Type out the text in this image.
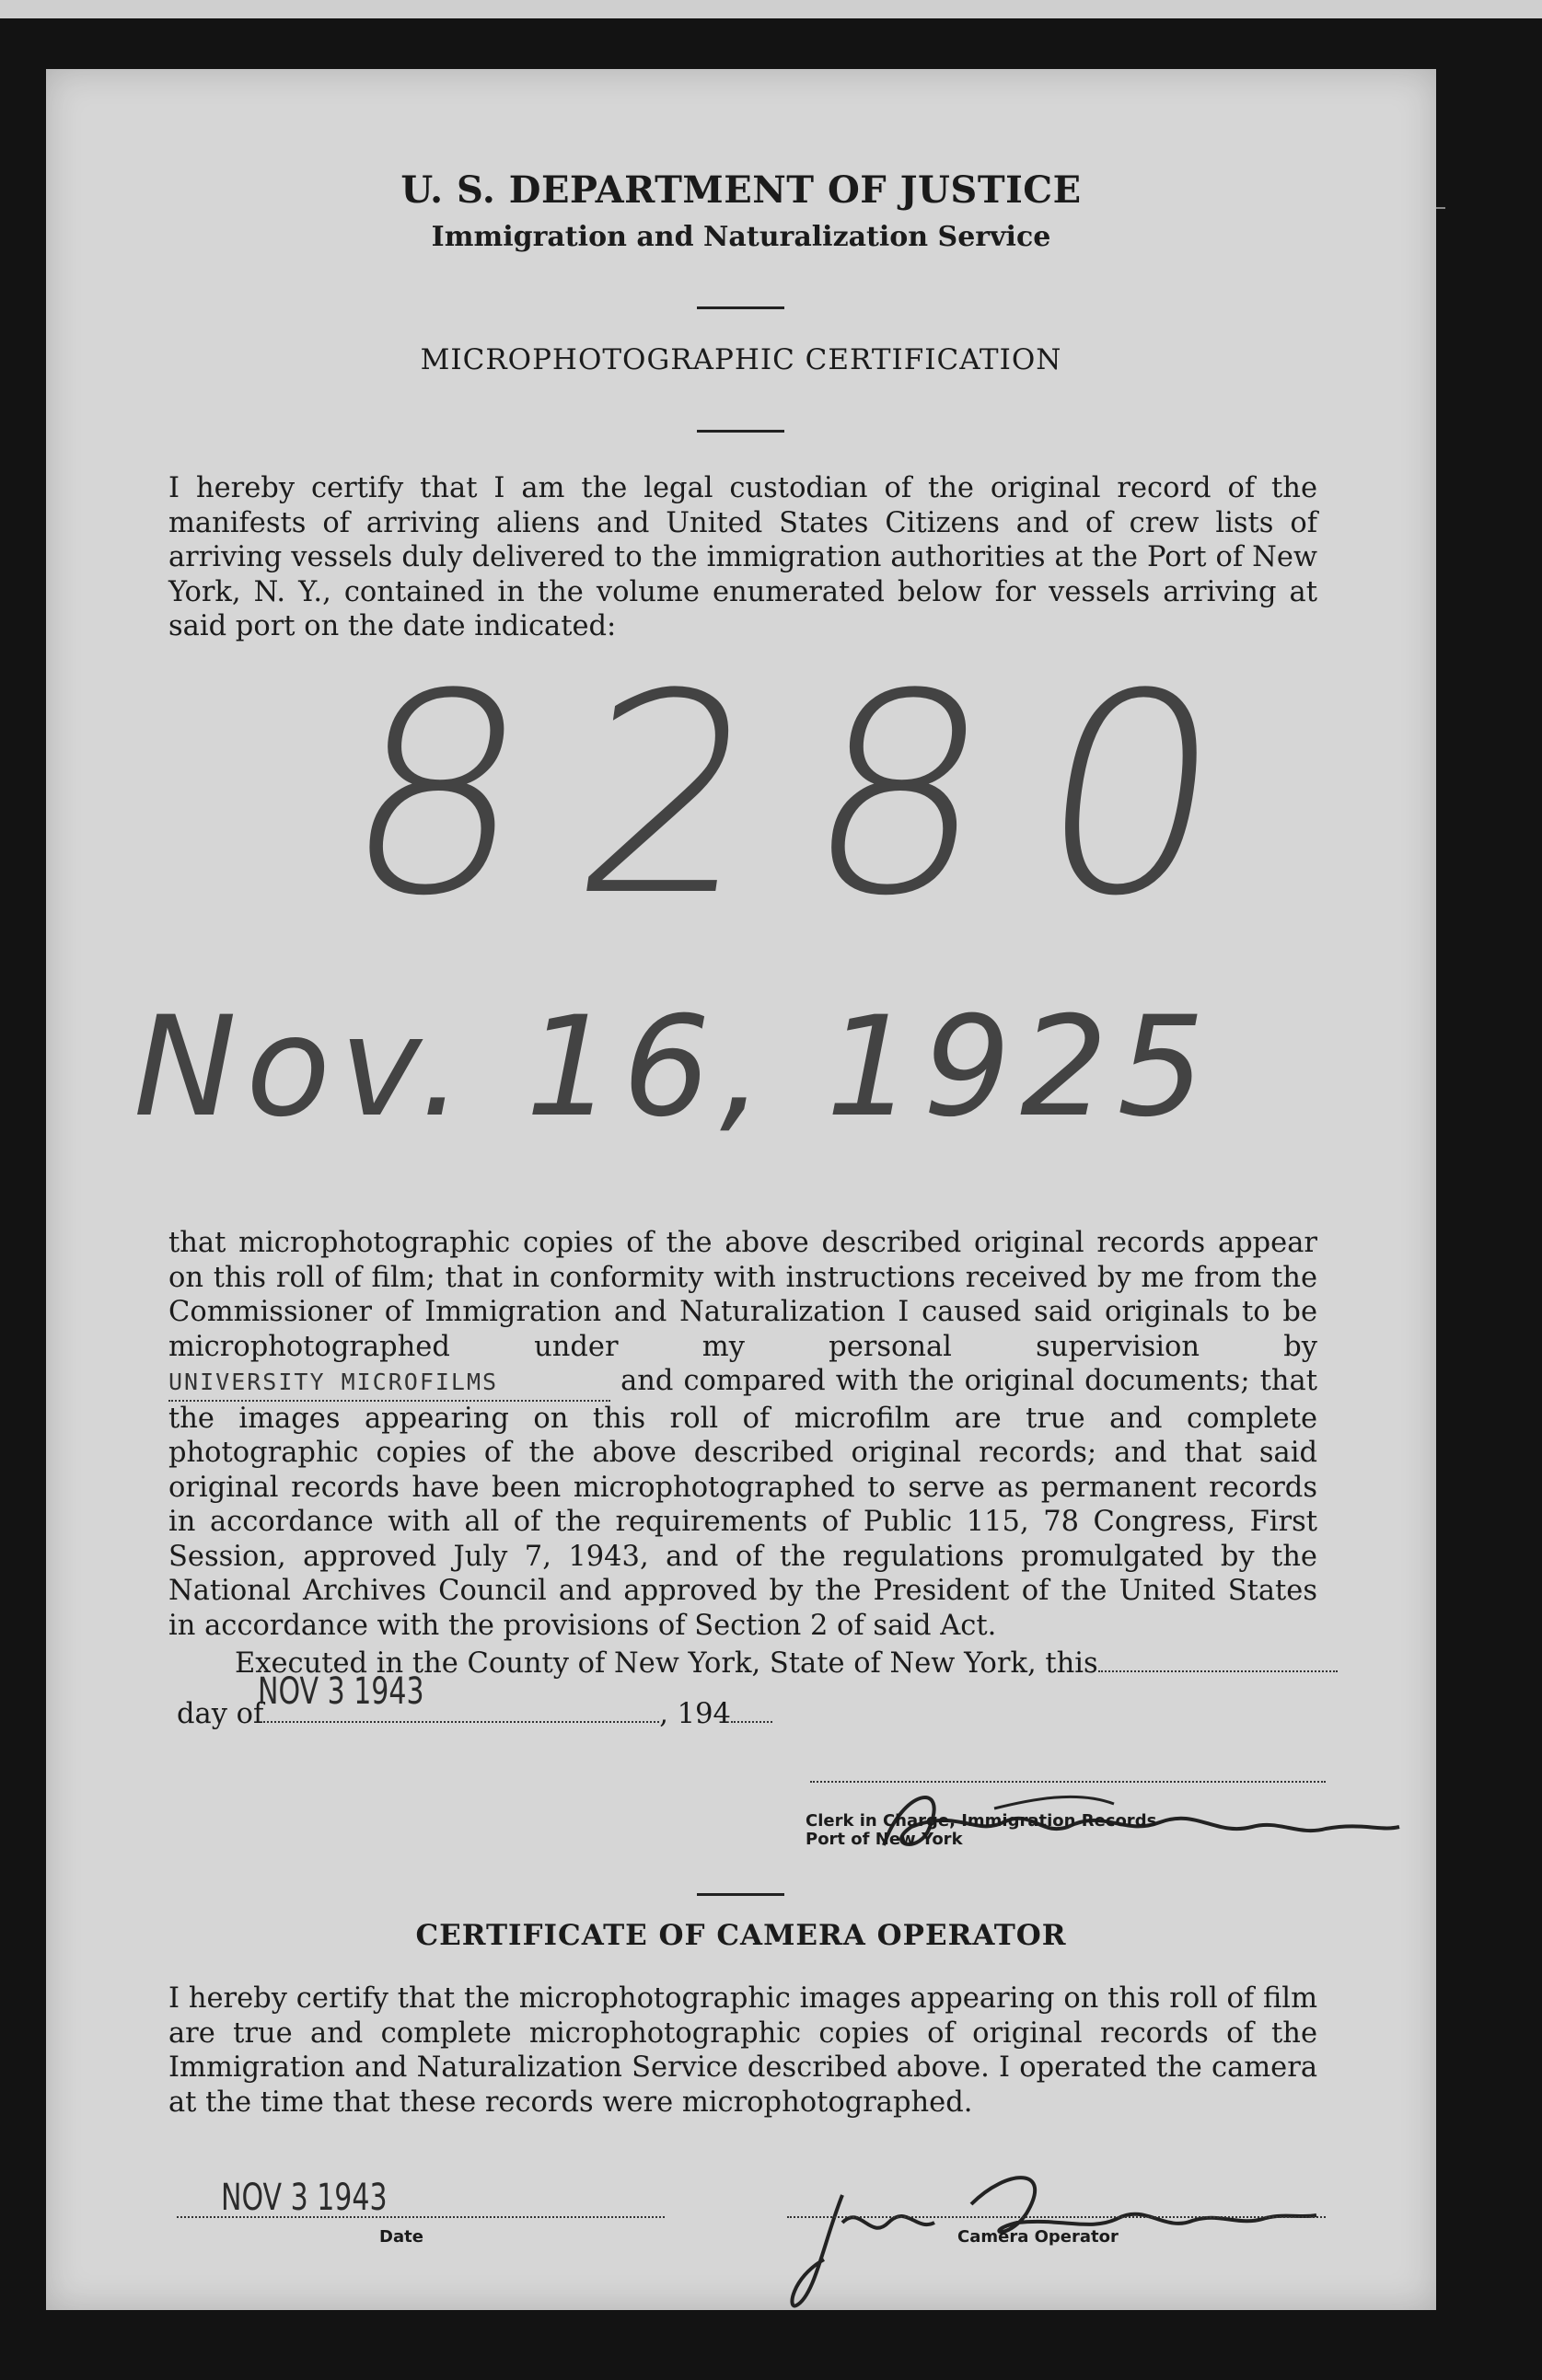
U. S. DEPARTMENT OF JUSTICE
Immigration and Naturalization Service
MICROPHOTOGRAPHIC CERTIFICATION
I hereby certify that I am the legal custodian of the original record of the manifests of arriving aliens and United States Citizens and of crew lists of arriving vessels duly delivered to the immigration authorities at the Port of New York, N. Y., contained in the volume enumerated below for vessels arriving at said port on the date indicated:
8280
Nov. 16, 1925
that microphotographic copies of the above described original records appear on this roll of film; that in conformity with instructions received by me from the Commissioner of Immigration and Naturalization I caused said originals to be microphotographed under my personal supervision by UNIVERSITY MICROFILMS	and compared with the original documents; that the images appearing on this roll of microfilm are true and complete photographic copies of the above described original records; and that said original records have been microphotographed to serve as permanent records in accordance with all of the requirements of Public 115, 78 Congress, First Session, approved July 7, 1943, and of the regulations promulgated by the National Archives Council and approved by the President of the United States in accordance with the provisions of Section 2 of said Act.
Executed in the County of New York, State of New York, this
day of	, 194
NOV 3 1943
Clerk in Charge, Immigration Records
Port of New York
CERTIFICATE OF CAMERA OPERATOR
I hereby certify that the microphotographic images appearing on this roll of film are true and complete microphotographic copies of original records of the Immigration and Naturalization Service described above. I operated the camera at the time that these records were microphotographed.
NOV 3 1943
Date	Camera Operator
